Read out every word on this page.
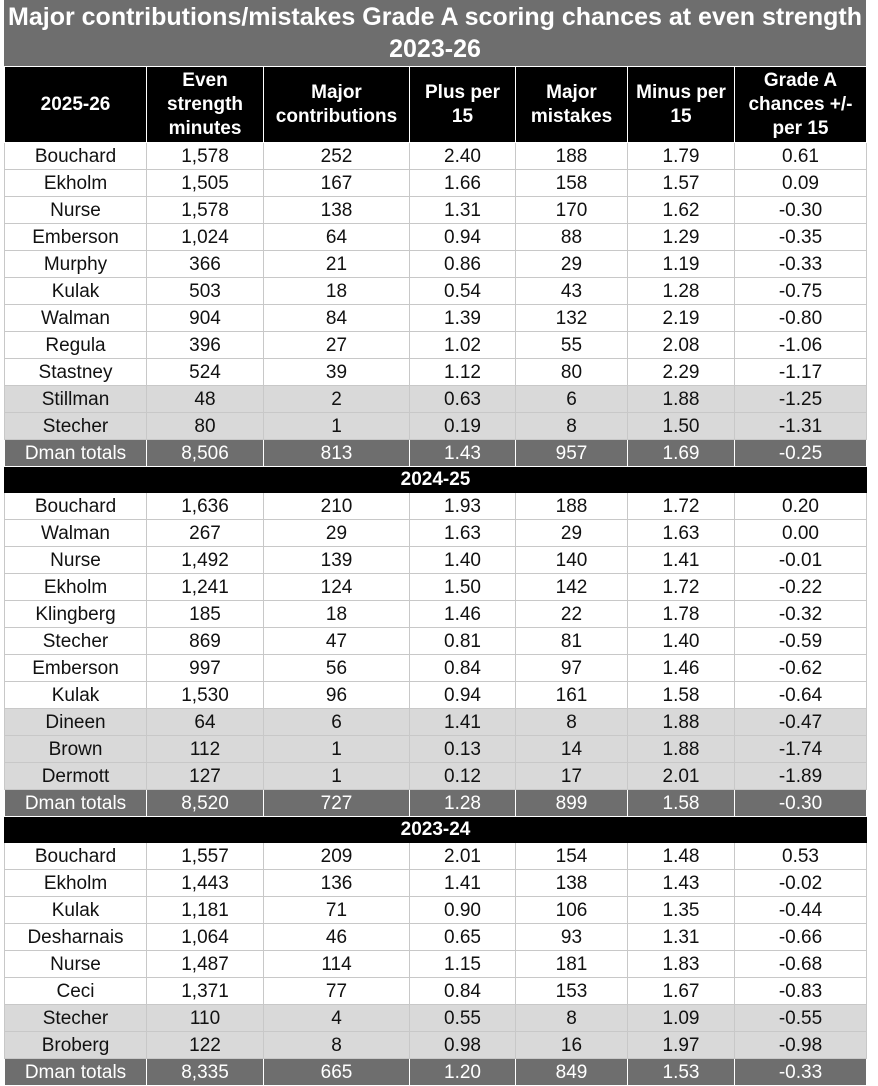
Major contributions/mistakes Grade A scoring chances at even strength 2023-26
2025-26	Even strength minutes	Major contributions	Plus per 15	Major mistakes	Minus per 15	Grade A chances +/- per 15
Bouchard	1,578	252	2.40	188	1.79	0.61
Ekholm	1,505	167	1.66	158	1.57	0.09
Nurse	1,578	138	1.31	170	1.62	-0.30
Emberson	1,024	64	0.94	88	1.29	-0.35
Murphy	366	21	0.86	29	1.19	-0.33
Kulak	503	18	0.54	43	1.28	-0.75
Walman	904	84	1.39	132	2.19	-0.80
Regula	396	27	1.02	55	2.08	-1.06
Stastney	524	39	1.12	80	2.29	-1.17
Stillman	48	2	0.63	6	1.88	-1.25
Stecher	80	1	0.19	8	1.50	-1.31
Dman totals	8,506	813	1.43	957	1.69	-0.25
2024-25						
Bouchard	1,636	210	1.93	188	1.72	0.20
Walman	267	29	1.63	29	1.63	0.00
Nurse	1,492	139	1.40	140	1.41	-0.01
Ekholm	1,241	124	1.50	142	1.72	-0.22
Klingberg	185	18	1.46	22	1.78	-0.32
Stecher	869	47	0.81	81	1.40	-0.59
Emberson	997	56	0.84	97	1.46	-0.62
Kulak	1,530	96	0.94	161	1.58	-0.64
Dineen	64	6	1.41	8	1.88	-0.47
Brown	112	1	0.13	14	1.88	-1.74
Dermott	127	1	0.12	17	2.01	-1.89
Dman totals	8,520	727	1.28	899	1.58	-0.30
2023-24						
Bouchard	1,557	209	2.01	154	1.48	0.53
Ekholm	1,443	136	1.41	138	1.43	-0.02
Kulak	1,181	71	0.90	106	1.35	-0.44
Desharnais	1,064	46	0.65	93	1.31	-0.66
Nurse	1,487	114	1.15	181	1.83	-0.68
Ceci	1,371	77	0.84	153	1.67	-0.83
Stecher	110	4	0.55	8	1.09	-0.55
Broberg	122	8	0.98	16	1.97	-0.98
Dman totals	8,335	665	1.20	849	1.53	-0.33
